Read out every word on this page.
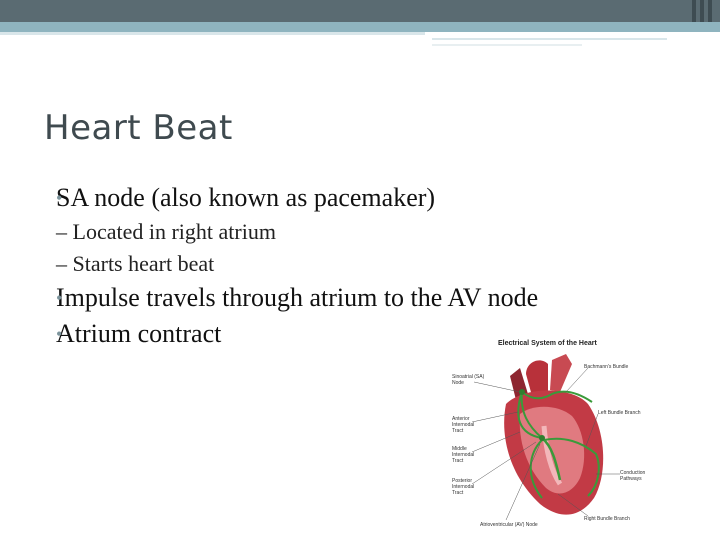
Heart Beat
• SA node (also known as pacemaker)
– Located in right atrium
– Starts heart beat
• Impulse travels through atrium to the AV node
• Atrium contract	Electrical System of the Heart
Sinoatrial (SA)
Node
Anterior
Internodal
Tract
Middle
Internodal
Tract
Posterior
Internodal
Tract
Atrioventricular (AV) Node
Bachmann's Bundle
Left Bundle Branch
Conduction
Pathways
Right Bundle Branch
